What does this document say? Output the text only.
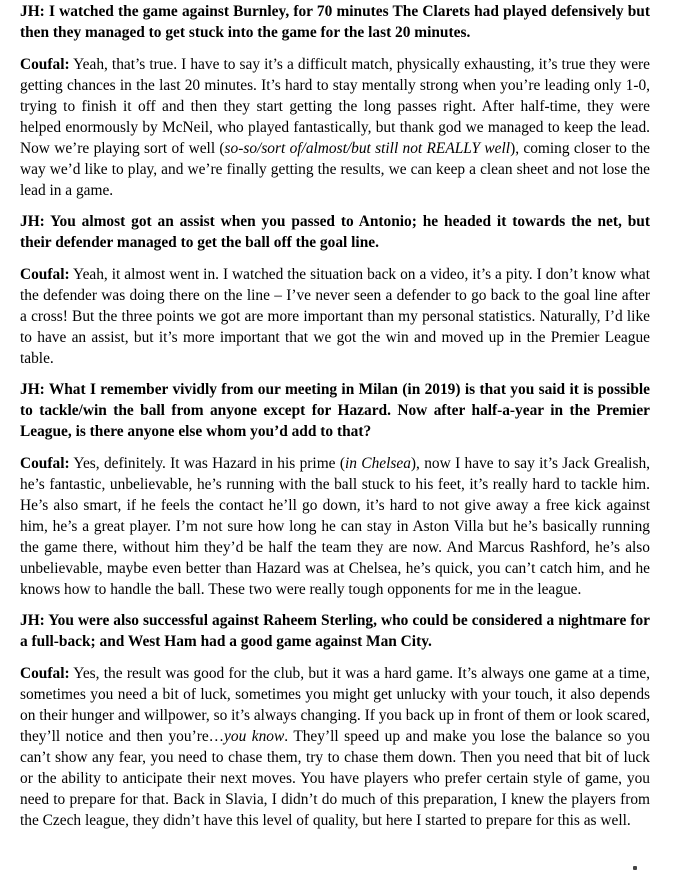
JH: I watched the game against Burnley, for 70 minutes The Clarets had played defensively but then they managed to get stuck into the game for the last 20 minutes.

Coufal: Yeah, that’s true. I have to say it’s a difficult match, physically exhausting, it’s true they were getting chances in the last 20 minutes. It’s hard to stay mentally strong when you’re leading only 1-0, trying to finish it off and then they start getting the long passes right. After half-time, they were helped enormously by McNeil, who played fantastically, but thank god we managed to keep the lead. Now we’re playing sort of well (so-so/sort of/almost/but still not REALLY well), coming closer to the way we’d like to play, and we’re finally getting the results, we can keep a clean sheet and not lose the lead in a game.

JH: You almost got an assist when you passed to Antonio; he headed it towards the net, but their defender managed to get the ball off the goal line.

Coufal: Yeah, it almost went in. I watched the situation back on a video, it’s a pity. I don’t know what the defender was doing there on the line – I’ve never seen a defender to go back to the goal line after a cross! But the three points we got are more important than my personal statistics. Naturally, I’d like to have an assist, but it’s more important that we got the win and moved up in the Premier League table.

JH: What I remember vividly from our meeting in Milan (in 2019) is that you said it is possible to tackle/win the ball from anyone except for Hazard. Now after half-a-year in the Premier League, is there anyone else whom you’d add to that?

Coufal: Yes, definitely. It was Hazard in his prime (in Chelsea), now I have to say it’s Jack Grealish, he’s fantastic, unbelievable, he’s running with the ball stuck to his feet, it’s really hard to tackle him. He’s also smart, if he feels the contact he’ll go down, it’s hard to not give away a free kick against him, he’s a great player. I’m not sure how long he can stay in Aston Villa but he’s basically running the game there, without him they’d be half the team they are now. And Marcus Rashford, he’s also unbelievable, maybe even better than Hazard was at Chelsea, he’s quick, you can’t catch him, and he knows how to handle the ball. These two were really tough opponents for me in the league.

JH: You were also successful against Raheem Sterling, who could be considered a nightmare for a full-back; and West Ham had a good game against Man City.

Coufal: Yes, the result was good for the club, but it was a hard game. It’s always one game at a time, sometimes you need a bit of luck, sometimes you might get unlucky with your touch, it also depends on their hunger and willpower, so it’s always changing. If you back up in front of them or look scared, they’ll notice and then you’re…you know. They’ll speed up and make you lose the balance so you can’t show any fear, you need to chase them, try to chase them down. Then you need that bit of luck or the ability to anticipate their next moves. You have players who prefer certain style of game, you need to prepare for that. Back in Slavia, I didn’t do much of this preparation, I knew the players from the Czech league, they didn’t have this level of quality, but here I started to prepare for this as well.
